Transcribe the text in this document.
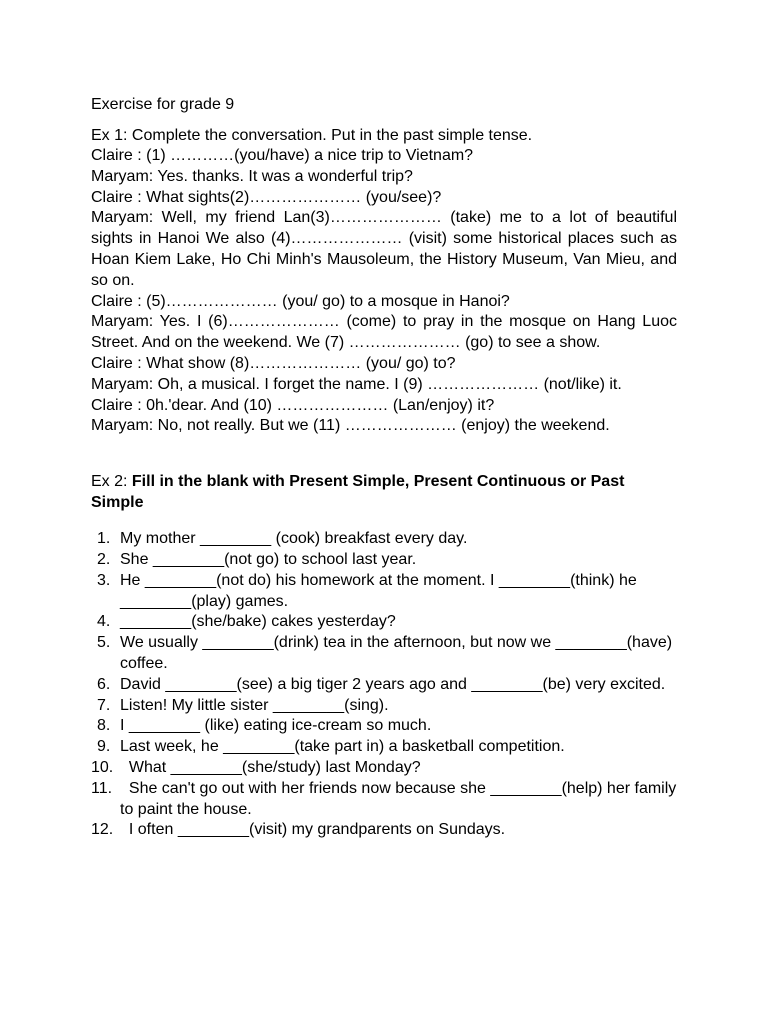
Exercise for grade 9
Ex 1: Complete the conversation. Put in the past simple tense.
Claire : (1) …………(you/have) a nice trip to Vietnam?
Maryam: Yes. thanks. It was a wonderful trip?
Claire : What sights(2)………………… (you/see)?
Maryam: Well, my friend Lan(3)………………… (take) me to a lot of beautiful sights in Hanoi We also (4)………………… (visit) some historical places such as Hoan Kiem Lake, Ho Chi Minh's Mausoleum, the History Museum, Van Mieu, and so on.
Claire : (5)………………… (you/ go) to a mosque in Hanoi?
Maryam: Yes. I (6)………………… (come) to pray in the mosque on Hang Luoc Street. And on the weekend. We (7) ………………… (go) to see a show.
Claire : What show (8)………………… (you/ go) to?
Maryam: Oh, a musical. I forget the name. I (9) ………………… (not/like) it.
Claire : 0h.'dear. And (10) ………………… (Lan/enjoy) it?
Maryam: No, not really. But we (11) ………………… (enjoy) the weekend.
Ex 2: Fill in the blank with Present Simple, Present Continuous or Past Simple
1. My mother ________ (cook) breakfast every day.
2. She ________(not go) to school last year.
3. He ________(not do) his homework at the moment. I ________(think) he ________(play) games.
4. ________(she/bake) cakes yesterday?
5. We usually ________(drink) tea in the afternoon, but now we ________(have) coffee.
6. David ________(see) a big tiger 2 years ago and ________(be) very excited.
7. Listen! My little sister ________(sing).
8. I ________ (like) eating ice-cream so much.
9. Last week, he ________(take part in) a basketball competition.
10. What ________(she/study) last Monday?
11. She can't go out with her friends now because she ________(help) her family to paint the house.
12. I often ________(visit) my grandparents on Sundays.
